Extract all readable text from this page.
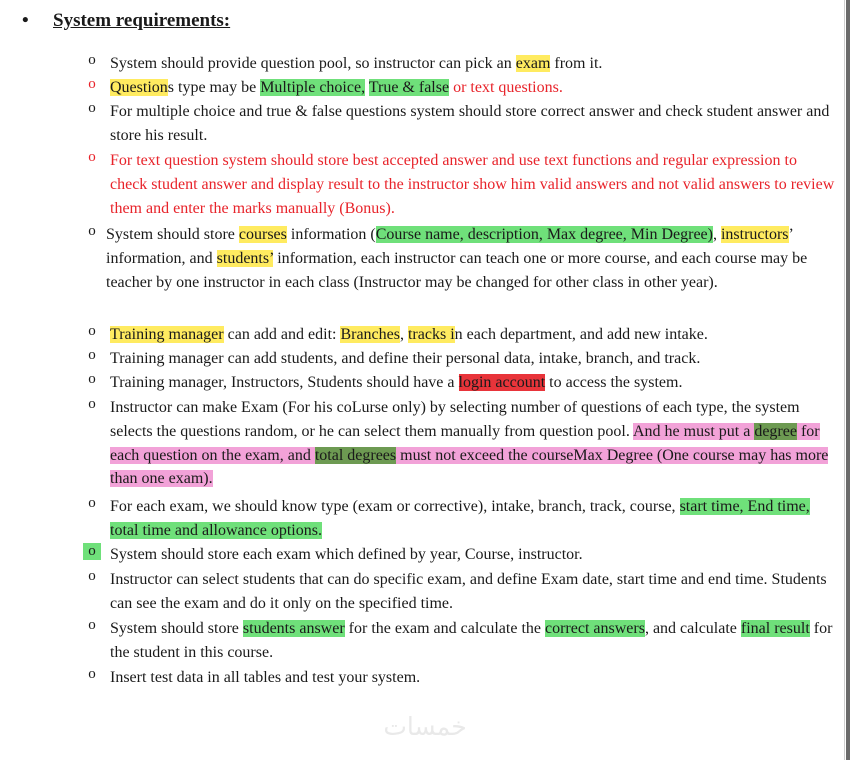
• System requirements:
o
o
o
o
o
o
o
o
o
o
o
o
o
o
System should provide question pool, so instructor can pick an exam from it.
Questions type may be Multiple choice, True & false or text questions.
For multiple choice and true & false questions system should store correct answer and check student answer and store his result.
For text question system should store best accepted answer and use text functions and regular expression to check student answer and display result to the instructor show him valid answers and not valid answers to review them and enter the marks manually (Bonus).
System should store courses information (Course name, description, Max degree, Min Degree), instructors’ information, and students’ information, each instructor can teach one or more course, and each course may be teacher by one instructor in each class (Instructor may be changed for other class in other year).
Training manager can add and edit: Branches, tracks in each department, and add new intake.
Training manager can add students, and define their personal data, intake, branch, and track.
Training manager, Instructors, Students should have a login account to access the system.
Instructor can make Exam (For his coLurse only) by selecting number of questions of each type, the system selects the questions random, or he can select them manually from question pool. And he must put a degree for each question on the exam, and total degrees must not exceed the courseMax Degree (One course may has more than one exam).
For each exam, we should know type (exam or corrective), intake, branch, track, course, start time, End time, total time and allowance options.
System should store each exam which defined by year, Course, instructor.
Instructor can select students that can do specific exam, and define Exam date, start time and end time. Students can see the exam and do it only on the specified time.
System should store students answer for the exam and calculate the correct answers, and calculate final result for the student in this course.
Insert test data in all tables and test your system.
خمسات
